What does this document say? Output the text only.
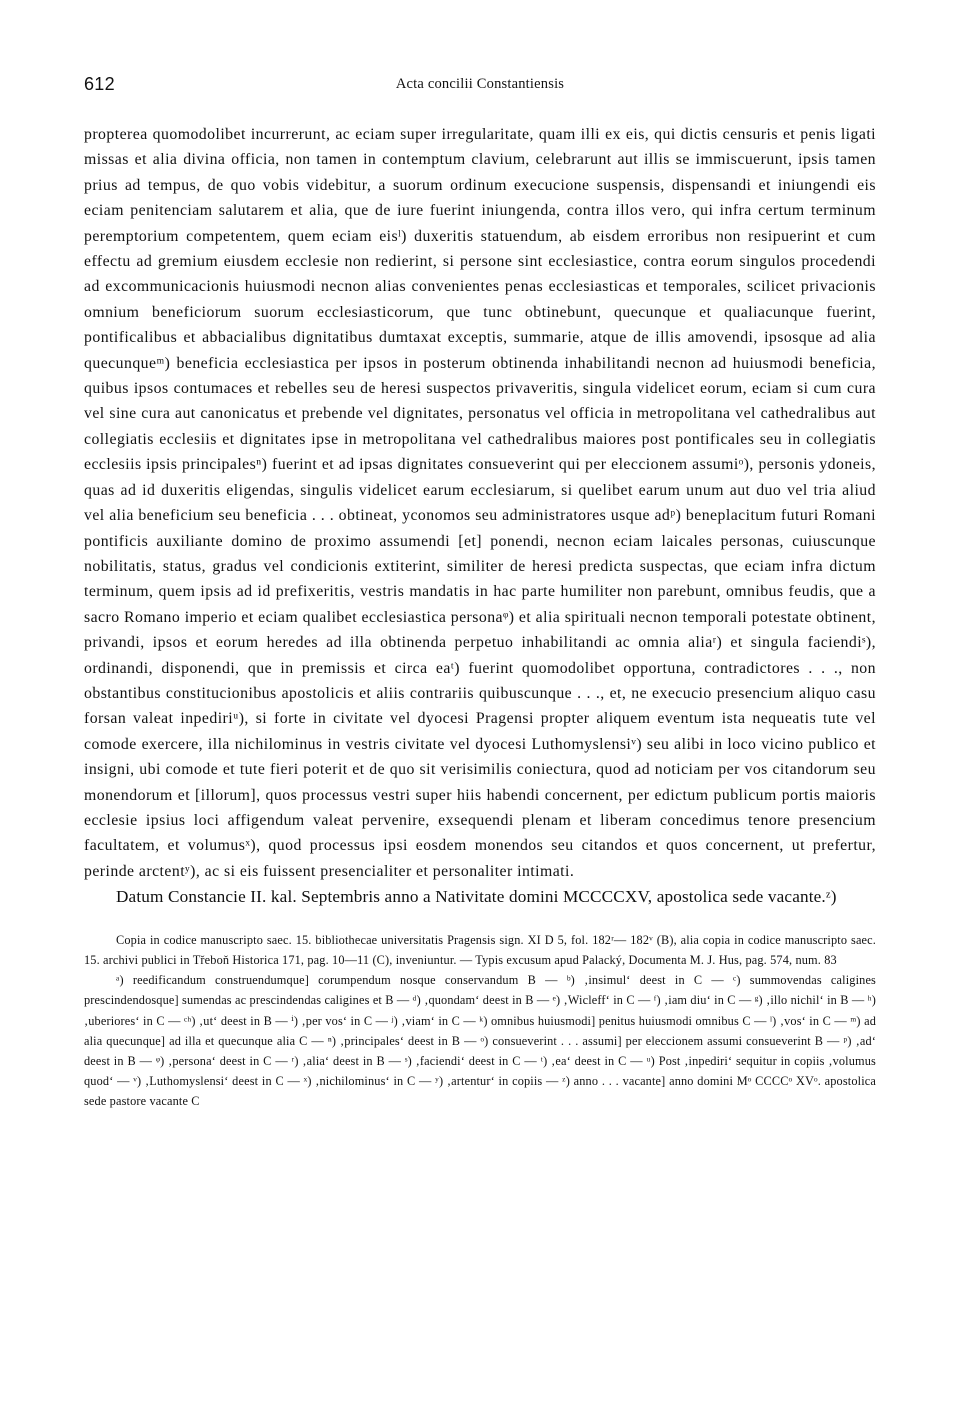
612	Acta concilii Constantiensis

propterea quomodolibet incurrerunt, ac eciam super irregularitate, quam illi ex eis, qui dictis censuris et penis ligati missas et alia divina officia, non tamen in contemptum clavium, celebrarunt aut illis se immiscuerunt, ipsis tamen prius ad tempus, de quo vobis videbitur, a suorum ordinum execucione suspensis, dispensandi et iniungendi eis eciam penitenciam salutarem et alia, que de iure fuerint iniungenda, contra illos vero, qui infra certum terminum peremptorium competentem, quem eciam eisˡ) duxeritis statuendum, ab eisdem erroribus non resipuerint et cum effectu ad gremium eiusdem ecclesie non redierint, si persone sint ecclesiastice, contra eorum singulos procedendi ad excommunicacionis huiusmodi necnon alias convenientes penas ecclesiasticas et temporales, scilicet privacionis omnium beneficiorum suorum ecclesiasticorum, que tunc obtinebunt, quecunque et qualiacunque fuerint, pontificalibus et abbacialibus dignitatibus dumtaxat exceptis, summarie, atque de illis amovendi, ipsosque ad alia quecunqueᵐ) beneficia ecclesiastica per ipsos in posterum obtinenda inhabilitandi necnon ad huiusmodi beneficia, quibus ipsos contumaces et rebelles seu de heresi suspectos privaveritis, singula videlicet eorum, eciam si cum cura vel sine cura aut canonicatus et prebende vel dignitates, personatus vel officia in metropolitana vel cathedralibus aut collegiatis ecclesiis et dignitates ipse in metropolitana vel cathedralibus maiores post pontificales seu in collegiatis ecclesiis ipsis principalesⁿ) fuerint et ad ipsas dignitates consueverint qui per eleccionem assumiᵒ), personis ydoneis, quas ad id duxeritis eligendas, singulis videlicet earum ecclesiarum, si quelibet earum unum aut duo vel tria aliud vel alia beneficium seu beneficia . . . obtineat, yconomos seu administratores usque adᵖ) beneplacitum futuri Romani pontificis auxiliante domino de proximo assumendi [et] ponendi, necnon eciam laicales personas, cuiuscunque nobilitatis, status, gradus vel condicionis extiterint, similiter de heresi predicta suspectas, que eciam infra dictum terminum, quem ipsis ad id prefixeritis, vestris mandatis in hac parte humiliter non parebunt, omnibus feudis, que a sacro Romano imperio et eciam qualibet ecclesiastica personaᵠ) et alia spirituali necnon temporali potestate obtinent, privandi, ipsos et eorum heredes ad illa obtinenda perpetuo inhabilitandi ac omnia aliaʳ) et singula faciendiˢ), ordinandi, disponendi, que in premissis et circa eaᵗ) fuerint quomodolibet opportuna, contradictores . . ., non obstantibus constitucionibus apostolicis et aliis contrariis quibuscunque . . ., et, ne execucio presencium aliquo casu forsan valeat inpediriᵘ), si forte in civitate vel dyocesi Pragensi propter aliquem eventum ista nequeatis tute vel comode exercere, illa nichilominus in vestris civitate vel dyocesi Luthomyslensiᵛ) seu alibi in loco vicino publico et insigni, ubi comode et tute fieri poterit et de quo sit verisimilis coniectura, quod ad noticiam per vos citandorum seu monendorum et [illorum], quos processus vestri super hiis habendi concernent, per edictum publicum portis maioris ecclesie ipsius loci affigendum valeat pervenire, exsequendi plenam et liberam concedimus tenore presencium facultatem, et volumusˣ), quod processus ipsi eosdem monendos seu citandos et quos concernent, ut prefertur, perinde arctentʸ), ac si eis fuissent presencialiter et personaliter intimati.

Datum Constancie II. kal. Septembris anno a Nativitate domini MCCCCXV, apostolica sede vacante.ᶻ)

Copia in codice manuscripto saec. 15. bibliothecae universitatis Pragensis sign. XI D 5, fol. 182ʳ— 182ᵛ (B), alia copia in codice manuscripto saec. 15. archivi publici in Třeboň Historica 171, pag. 10—11 (C), inveniuntur. — Typis excusum apud Palacký, Documenta M. J. Hus, pag. 574, num. 83

ᵃ) reedificandum construendumque] corumpendum nosque conservandum B — ᵇ) ‚insimul‘ deest in C — ᶜ) summovendas caligines prescindendosque] sumendas ac prescindendas caligines et B — ᵈ) ‚quondam‘ deest in B — ᵉ) ‚Wicleff‘ in C — ᶠ) ‚iam diu‘ in C — ᵍ) ‚illo nichil‘ in B — ʰ) ‚uberiores‘ in C — ᶜʰ) ‚ut‘ deest in B — ⁱ) ‚per vos‘ in C — ʲ) ‚viam‘ in C — ᵏ) omnibus huiusmodi] penitus huiusmodi omnibus C — ˡ) ‚vos‘ in C — ᵐ) ad alia quecunque] ad illa et quecunque alia C — ⁿ) ‚principales‘ deest in B — ᵒ) consueverint . . . assumi] per eleccionem assumi consueverint B — ᵖ) ‚ad‘ deest in B — ᵠ) ‚persona‘ deest in C — ʳ) ‚alia‘ deest in B — ˢ) ‚faciendi‘ deest in C — ᵗ) ‚ea‘ deest in C — ᵘ) Post ‚inpediri‘ sequitur in copiis ‚volumus quod‘ — ᵛ) ‚Luthomyslensi‘ deest in C — ˣ) ‚nichilominus‘ in C — ʸ) ‚artentur‘ in copiis — ᶻ) anno . . . vacante] anno domini Mᵒ CCCCᵒ XVᵒ. apostolica sede pastore vacante C
